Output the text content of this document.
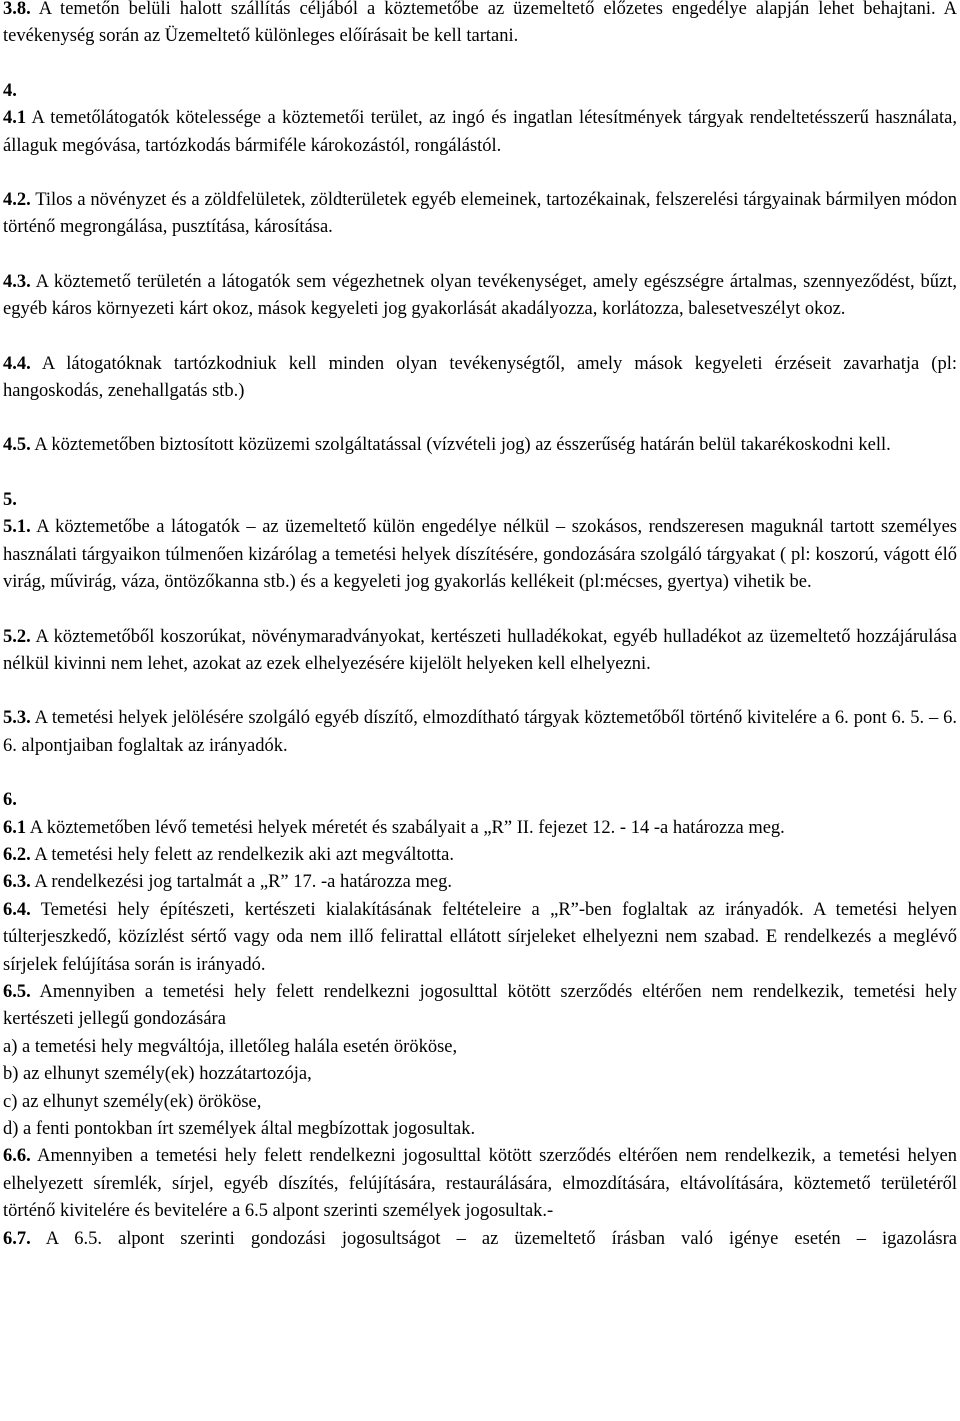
3.8. A temetőn belüli halott szállítás céljából a köztemetőbe az üzemeltető előzetes engedélye alapján lehet behajtani. A tevékenység során az Üzemeltető különleges előírásait be kell tartani.

4.

4.1 A temetőlátogatók kötelessége a köztemetői terület, az ingó és ingatlan létesítmények tárgyak rendeltetésszerű használata, állaguk megóvása, tartózkodás bármiféle károkozástól, rongálástól.

4.2. Tilos a növényzet és a zöldfelületek, zöldterületek egyéb elemeinek, tartozékainak, felszerelési tárgyainak bármilyen módon történő megrongálása, pusztítása, károsítása.

4.3. A köztemető területén a látogatók sem végezhetnek olyan tevékenységet, amely egészségre ártalmas, szennyeződést, bűzt, egyéb káros környezeti kárt okoz, mások kegyeleti jog gyakorlását akadályozza, korlátozza, balesetveszélyt okoz.

4.4. A látogatóknak tartózkodniuk kell minden olyan tevékenységtől, amely mások kegyeleti érzéseit zavarhatja (pl: hangoskodás, zenehallgatás stb.)

4.5. A köztemetőben biztosított közüzemi szolgáltatással (vízvételi jog) az ésszerűség határán belül takarékoskodni kell.

5.

5.1. A köztemetőbe a látogatók – az üzemeltető külön engedélye nélkül – szokásos, rendszeresen maguknál tartott személyes használati tárgyaikon túlmenően kizárólag a temetési helyek díszítésére, gondozására szolgáló tárgyakat ( pl: koszorú, vágott élő virág, művirág, váza, öntözőkanna stb.) és a kegyeleti jog gyakorlás kellékeit (pl:mécses, gyertya) vihetik be.

5.2. A köztemetőből koszorúkat, növénymaradványokat, kertészeti hulladékokat, egyéb hulladékot az üzemeltető hozzájárulása nélkül kivinni nem lehet, azokat az ezek elhelyezésére kijelölt helyeken kell elhelyezni.

5.3. A temetési helyek jelölésére szolgáló egyéb díszítő, elmozdítható tárgyak köztemetőből történő kivitelére a 6. pont 6. 5. – 6. 6. alpontjaiban foglaltak az irányadók.

6.

6.1 A köztemetőben lévő temetési helyek méretét és szabályait a „R” II. fejezet 12. - 14 -a határozza meg.

6.2. A temetési hely felett az rendelkezik aki azt megváltotta.

6.3. A rendelkezési jog tartalmát a „R” 17. -a határozza meg.

6.4. Temetési hely építészeti, kertészeti kialakításának feltételeire a „R”-ben foglaltak az irányadók. A temetési helyen túlterjeszkedő, közízlést sértő vagy oda nem illő felirattal ellátott sírjeleket elhelyezni nem szabad. E rendelkezés a meglévő sírjelek felújítása során is irányadó.

6.5. Amennyiben a temetési hely felett rendelkezni jogosulttal kötött szerződés eltérően nem rendelkezik, temetési hely kertészeti jellegű gondozására

a) a temetési hely megváltója, illetőleg halála esetén örököse,

b) az elhunyt személy(ek) hozzátartozója,

c) az elhunyt személy(ek) örököse,

d) a fenti pontokban írt személyek által megbízottak jogosultak.

6.6. Amennyiben a temetési hely felett rendelkezni jogosulttal kötött szerződés eltérően nem rendelkezik, a temetési helyen elhelyezett síremlék, sírjel, egyéb díszítés, felújítására, restaurálására, elmozdítására, eltávolítására, köztemető területéről történő kivitelére és bevitelére a 6.5 alpont szerinti személyek jogosultak.-

6.7. A 6.5. alpont szerinti gondozási jogosultságot – az üzemeltető írásban való igénye esetén – igazolásra
